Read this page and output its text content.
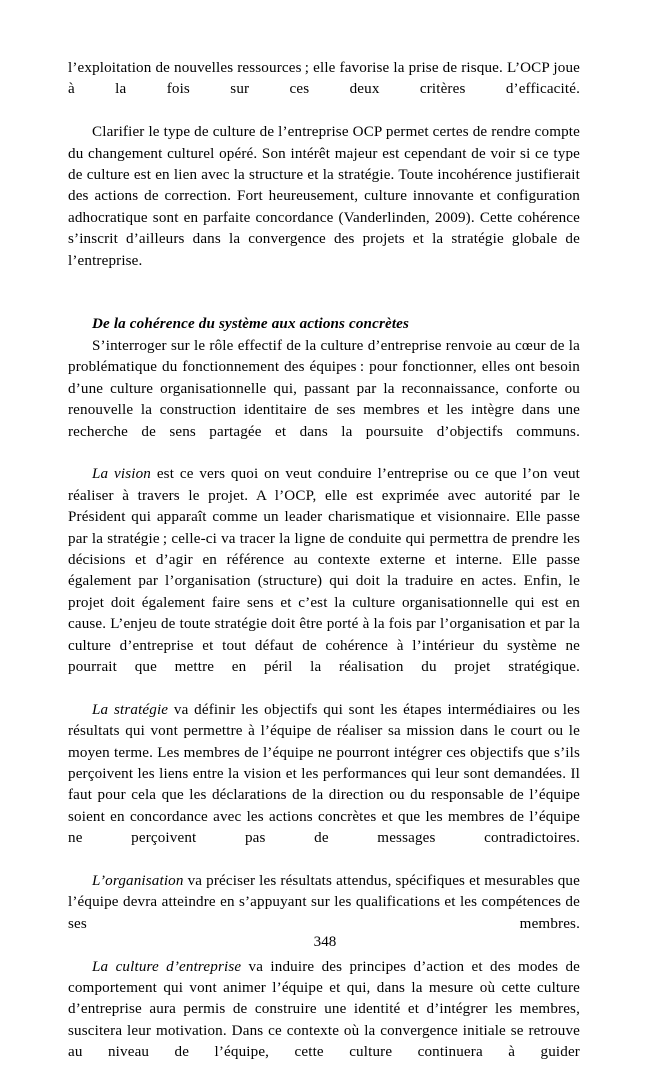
l’exploitation de nouvelles ressources ; elle favorise la prise de risque. L’OCP joue à la fois sur ces deux critères d’efficacité.

Clarifier le type de culture de l’entreprise OCP permet certes de rendre compte du changement culturel opéré. Son intérêt majeur est cependant de voir si ce type de culture est en lien avec la structure et la stratégie. Toute incohérence justifierait des actions de correction. Fort heureusement, culture innovante et configuration adhocratique sont en parfaite concordance (Vanderlinden, 2009). Cette cohérence s’inscrit d’ailleurs dans la convergence des projets et la stratégie globale de l’entreprise.

De la cohérence du système aux actions concrètes

S’interroger sur le rôle effectif de la culture d’entreprise renvoie au cœur de la problématique du fonctionnement des équipes : pour fonctionner, elles ont besoin d’une culture organisationnelle qui, passant par la reconnaissance, conforte ou renouvelle la construction identitaire de ses membres et les intègre dans une recherche de sens partagée et dans la poursuite d’objectifs communs.

La vision est ce vers quoi on veut conduire l’entreprise ou ce que l’on veut réaliser à travers le projet. A l’OCP, elle est exprimée avec autorité par le Président qui apparaît comme un leader charismatique et visionnaire. Elle passe par la stratégie ; celle-ci va tracer la ligne de conduite qui permettra de prendre les décisions et d’agir en référence au contexte externe et interne. Elle passe également par l’organisation (structure) qui doit la traduire en actes. Enfin, le projet doit également faire sens et c’est la culture organisationnelle qui est en cause. L’enjeu de toute stratégie doit être porté à la fois par l’organisation et par la culture d’entreprise et tout défaut de cohérence à l’intérieur du système ne pourrait que mettre en péril la réalisation du projet stratégique.

La stratégie va définir les objectifs qui sont les étapes intermédiaires ou les résultats qui vont permettre à l’équipe de réaliser sa mission dans le court ou le moyen terme. Les membres de l’équipe ne pourront intégrer ces objectifs que s’ils perçoivent les liens entre la vision et les performances qui leur sont demandées. Il faut pour cela que les déclarations de la direction ou du responsable de l’équipe soient en concordance avec les actions concrètes et que les membres de l’équipe ne perçoivent pas de messages contradictoires.

L’organisation va préciser les résultats attendus, spécifiques et mesurables que l’équipe devra atteindre en s’appuyant sur les qualifications et les compétences de ses membres.

La culture d’entreprise va induire des principes d’action et des modes de comportement qui vont animer l’équipe et qui, dans la mesure où cette culture d’entreprise aura permis de construire une identité et d’intégrer les membres, suscitera leur motivation. Dans ce contexte où la convergence initiale se retrouve au niveau de l’équipe, cette culture continuera à guider

348
